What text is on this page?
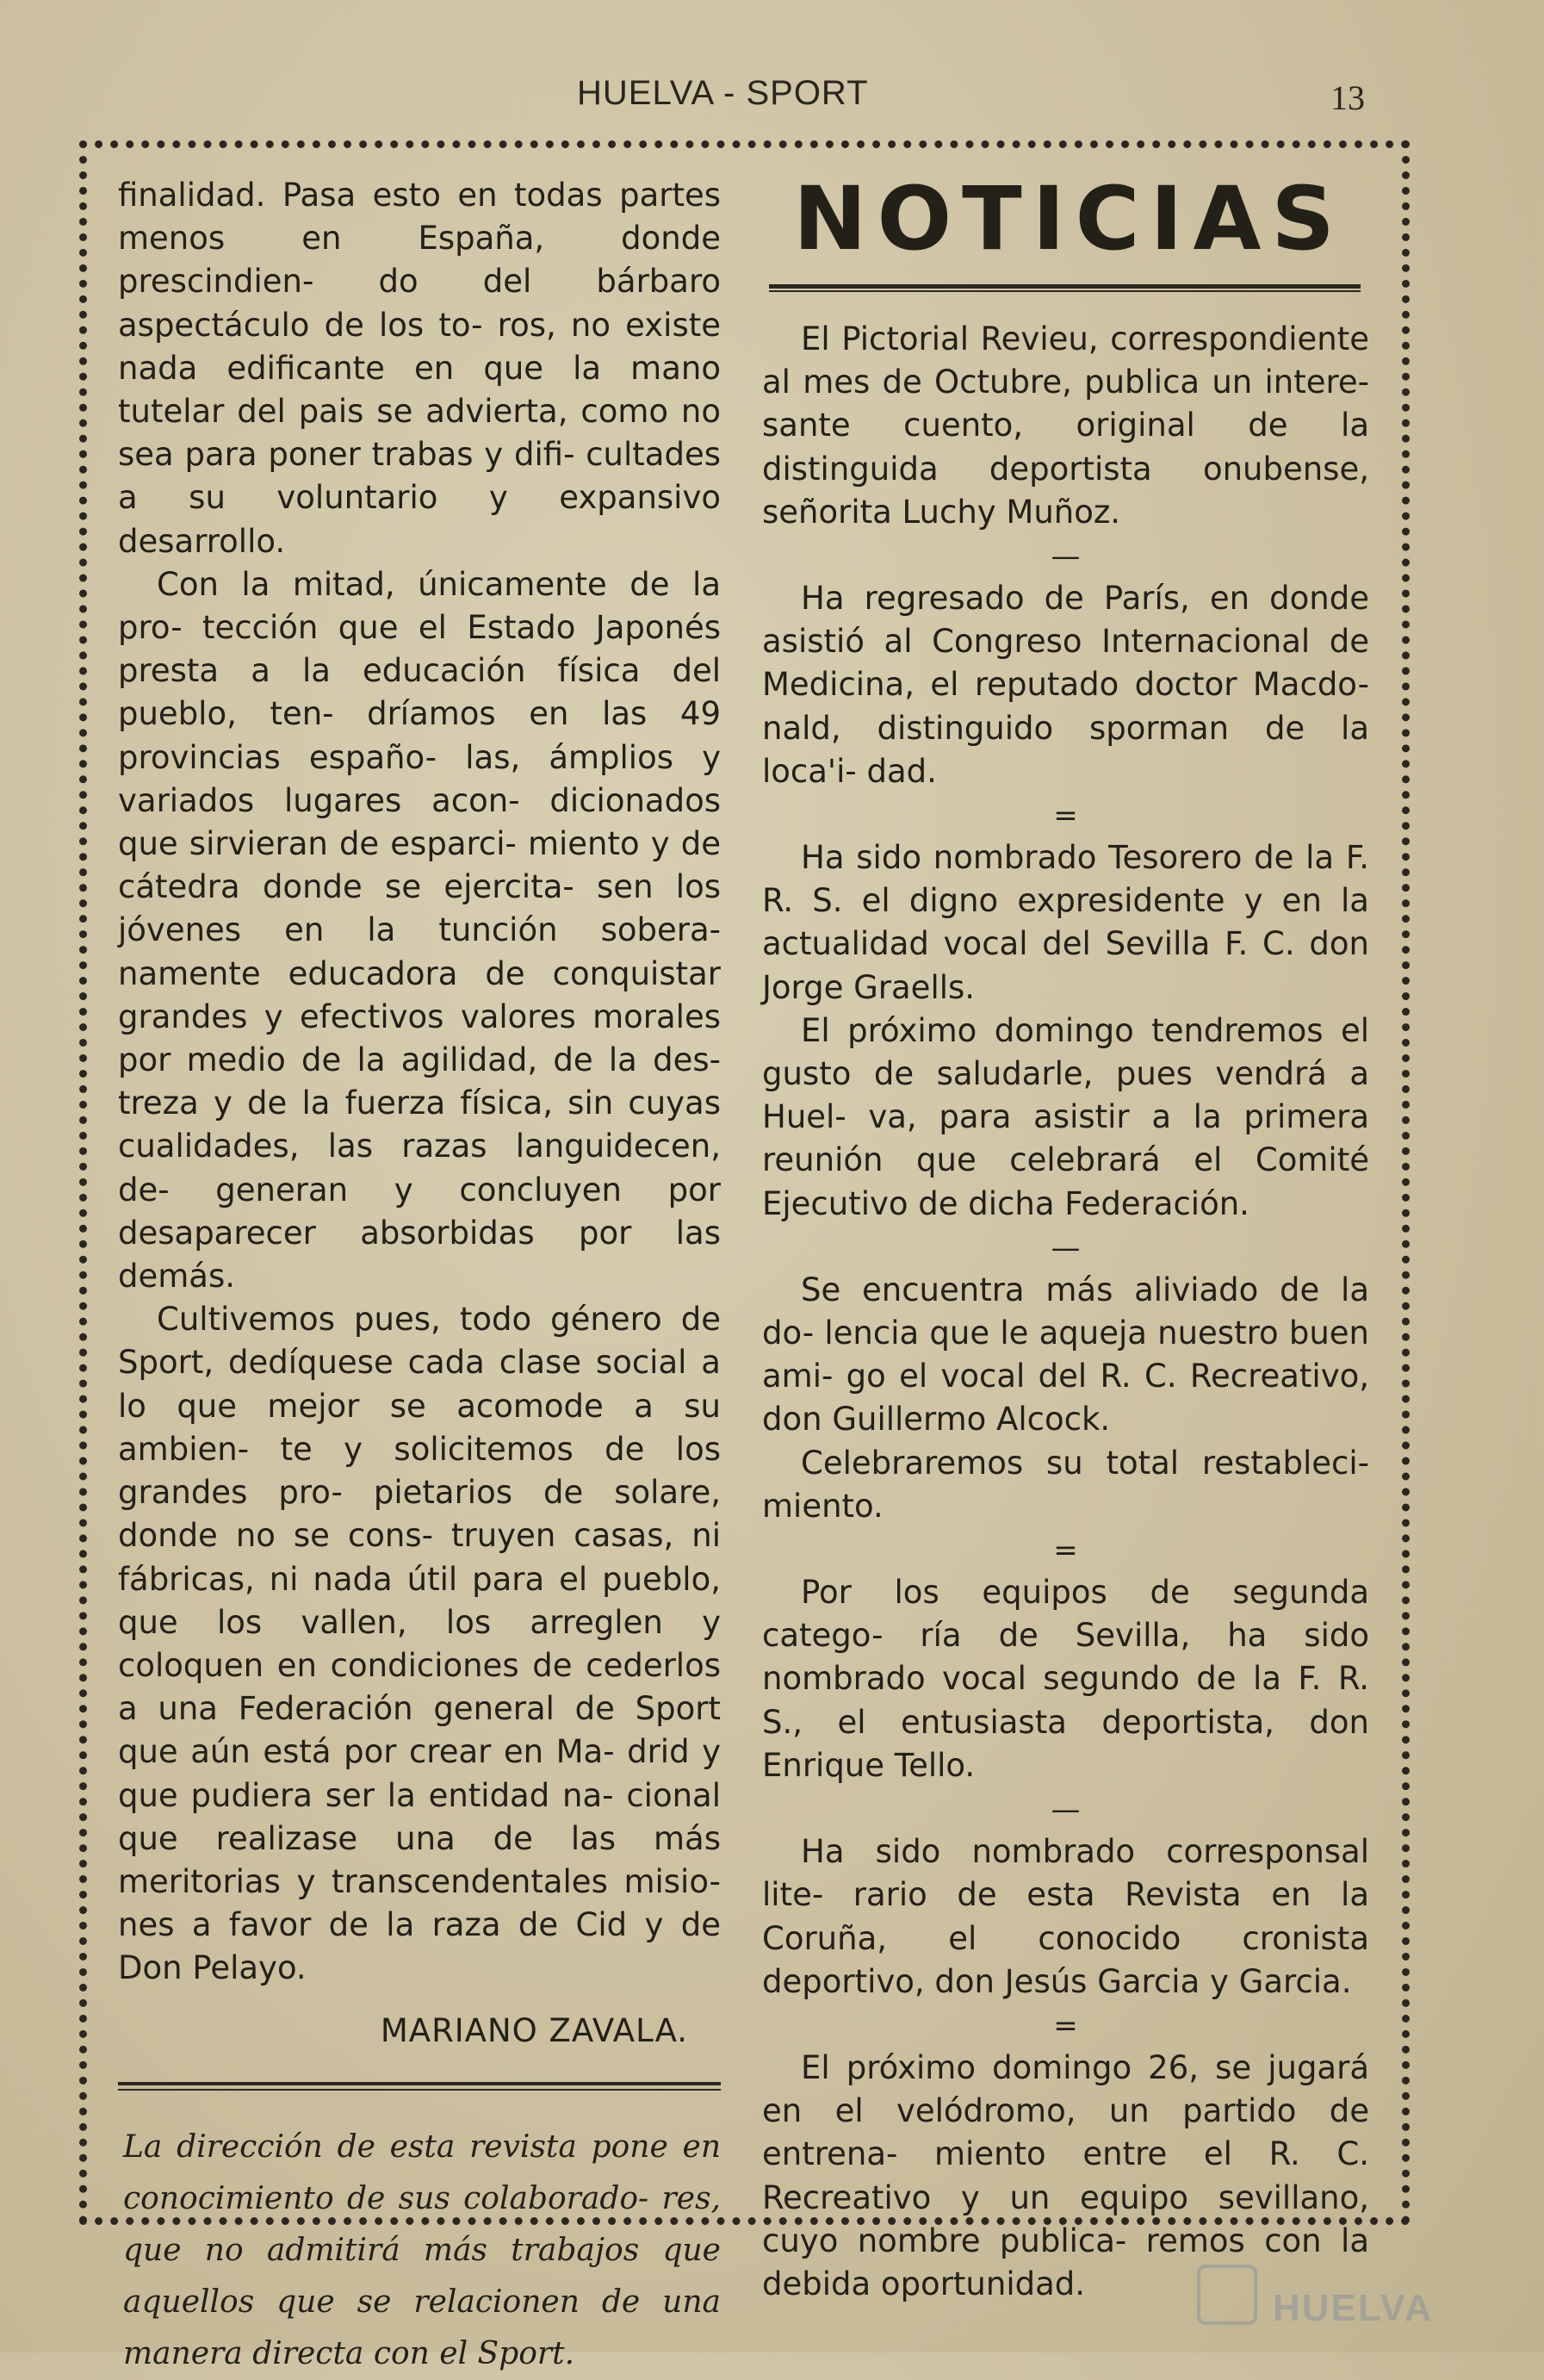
HUELVA - SPORT	13

finalidad. Pasa esto en todas partes menos en España, donde prescindien- do del bárbaro aspectáculo de los to- ros, no existe nada edificante en que la mano tutelar del pais se advierta, como no sea para poner trabas y difi- cultades a su voluntario y expansivo desarrollo.

Con la mitad, únicamente de la pro- tección que el Estado Japonés presta a la educación física del pueblo, ten- dríamos en las 49 provincias españo- las, ámplios y variados lugares acon- dicionados que sirvieran de esparci- miento y de cátedra donde se ejercita- sen los jóvenes en la tunción sobera- namente educadora de conquistar grandes y efectivos valores morales por medio de la agilidad, de la des- treza y de la fuerza física, sin cuyas cualidades, las razas languidecen, de- generan y concluyen por desaparecer absorbidas por las demás.

Cultivemos pues, todo género de Sport, dedíquese cada clase social a lo que mejor se acomode a su ambien- te y solicitemos de los grandes pro- pietarios de solare, donde no se cons- truyen casas, ni fábricas, ni nada útil para el pueblo, que los vallen, los arreglen y coloquen en condiciones de cederlos a una Federación general de Sport que aún está por crear en Ma- drid y que pudiera ser la entidad na- cional que realizase una de las más meritorias y transcendentales misio- nes a favor de la raza de Cid y de Don Pelayo.

MARIANO ZAVALA.
La dirección de esta revista pone en conocimiento de sus colaborado- res, que no admitirá más trabajos que aquellos que se relacionen de una manera directa con el Sport.
NOTICIAS

El Pictorial Revieu, correspondiente al mes de Octubre, publica un intere- sante cuento, original de la distinguida deportista onubense, señorita Luchy Muñoz.

—

Ha regresado de París, en donde asistió al Congreso Internacional de Medicina, el reputado doctor Macdo- nald, distinguido sporman de la loca'i- dad.

=

Ha sido nombrado Tesorero de la F. R. S. el digno expresidente y en la actualidad vocal del Sevilla F. C. don Jorge Graells.

El próximo domingo tendremos el gusto de saludarle, pues vendrá a Huel- va, para asistir a la primera reunión que celebrará el Comité Ejecutivo de dicha Federación.

—

Se encuentra más aliviado de la do- lencia que le aqueja nuestro buen ami- go el vocal del R. C. Recreativo, don Guillermo Alcock.

Celebraremos su total restableci- miento.

=

Por los equipos de segunda catego- ría de Sevilla, ha sido nombrado vocal segundo de la F. R. S., el entusiasta deportista, don Enrique Tello.

—

Ha sido nombrado corresponsal lite- rario de esta Revista en la Coruña, el conocido cronista deportivo, don Jesús Garcia y Garcia.

=

El próximo domingo 26, se jugará en el velódromo, un partido de entrena- miento entre el R. C. Recreativo y un equipo sevillano, cuyo nombre publica- remos con la debida oportunidad.

HUELVA
